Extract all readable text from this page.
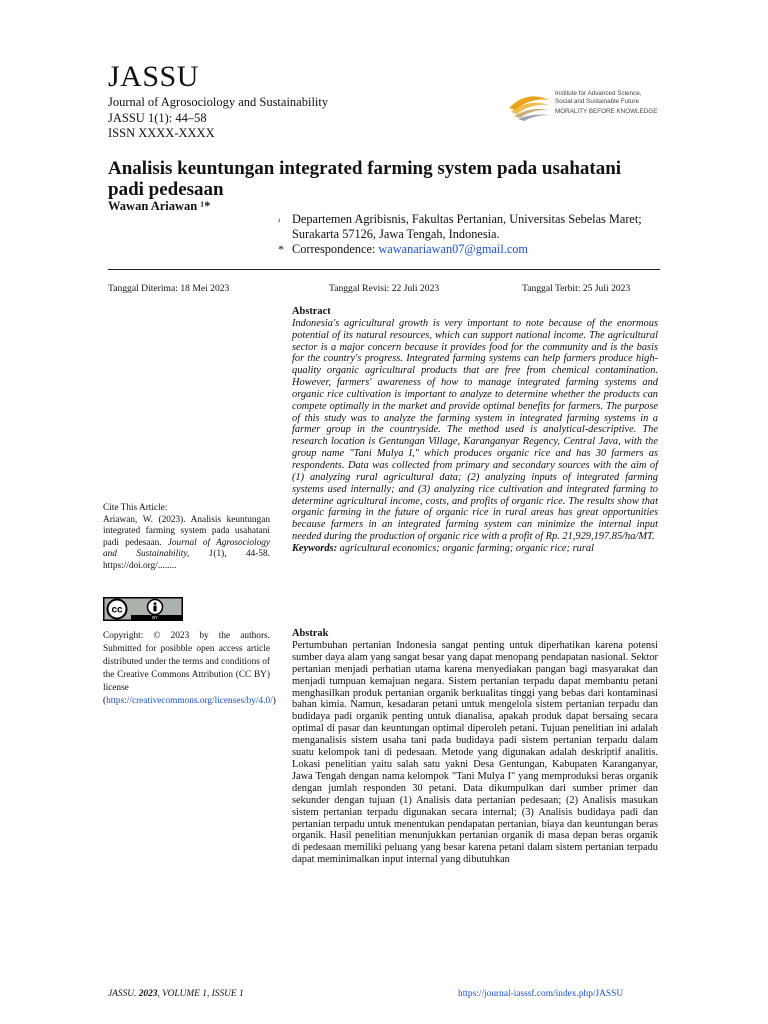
JASSU
Journal of Agrosociology and Sustainability
JASSU 1(1): 44–58
ISSN XXXX-XXXX
Institute for Advanced Science,
Social and Sustainable Future
MORALITY BEFORE KNOWLEDGE
Analisis keuntungan integrated farming system pada usahatani padi pedesaan
Wawan Ariawan ¹*
¹ Departemen Agribisnis, Fakultas Pertanian, Universitas Sebelas Maret; Surakarta 57126, Jawa Tengah, Indonesia.
* Correspondence: wawanariawan07@gmail.com
Tanggal Diterima: 18 Mei 2023	Tanggal Revisi: 22 Juli 2023	Tanggal Terbit: 25 Juli 2023
Abstract
Indonesia's agricultural growth is very important to note because of the enormous potential of its natural resources, which can support national income. The agricultural sector is a major concern because it provides food for the community and is the basis for the country's progress. Integrated farming systems can help farmers produce high-quality organic agricultural products that are free from chemical contamination. However, farmers' awareness of how to manage integrated farming systems and organic rice cultivation is important to analyze to determine whether the products can compete optimally in the market and provide optimal benefits for farmers. The purpose of this study was to analyze the farming system in integrated farming systems in a farmer group in the countryside. The method used is analytical-descriptive. The research location is Gentungan Village, Karanganyar Regency, Central Java, with the group name "Tani Mulya I," which produces organic rice and has 30 farmers as respondents. Data was collected from primary and secondary sources with the aim of (1) analyzing rural agricultural data; (2) analyzing inputs of integrated farming systems used internally; and (3) analyzing rice cultivation and integrated farming to determine agricultural income, costs, and profits of organic rice. The results show that organic farming in the future of organic rice in rural areas has great opportunities because farmers in an integrated farming system can minimize the internal input needed during the production of organic rice with a profit of Rp. 21,929,197.85/ha/MT.
Keywords: agricultural economics; organic farming; organic rice; rural
Cite This Article:
Ariawan, W. (2023). Analisis keuntungan integrated farming system pada usahatani padi pedesaan. Journal of Agrosociology and Sustainability, 1(1), 44-58. https://doi.org/........
cc
BY
Copyright: © 2023 by the authors. Submitted for posibble open access article distributed under the terms and conditions of the Creative Commons Attribution (CC BY) license (https://creativecommons.org/licenses/by/4.0/)
Abstrak
Pertumbuhan pertanian Indonesia sangat penting untuk diperhatikan karena potensi sumber daya alam yang sangat besar yang dapat menopang pendapatan nasional. Sektor pertanian menjadi perhatian utama karena menyediakan pangan bagi masyarakat dan menjadi tumpuan kemajuan negara. Sistem pertanian terpadu dapat membantu petani menghasilkan produk pertanian organik berkualitas tinggi yang bebas dari kontaminasi bahan kimia. Namun, kesadaran petani untuk mengelola sistem pertanian terpadu dan budidaya padi organik penting untuk dianalisa, apakah produk dapat bersaing secara optimal di pasar dan keuntungan optimal diperoleh petani. Tujuan penelitian ini adalah menganalisis sistem usaha tani pada budidaya padi sistem pertanian terpadu dalam suatu kelompok tani di pedesaan. Metode yang digunakan adalah deskriptif analitis. Lokasi penelitian yaitu salah satu yakni Desa Gentungan, Kabupaten Karanganyar, Jawa Tengah dengan nama kelompok "Tani Mulya I" yang memproduksi beras organik dengan jumlah responden 30 petani. Data dikumpulkan dari sumber primer dan sekunder dengan tujuan (1) Analisis data pertanian pedesaan; (2) Analisis masukan sistem pertanian terpadu digunakan secara internal; (3) Analisis budidaya padi dan pertanian terpadu untuk menentukan pendapatan pertanian, biaya dan keuntungan beras organik. Hasil penelitian menunjukkan pertanian organik di masa depan beras organik di pedesaan memiliki peluang yang besar karena petani dalam sistem pertanian terpadu dapat meminimalkan input internal yang dibutuhkan
JASSU. 2023, VOLUME 1, ISSUE 1	https://journal-iasssf.com/index.php/JASSU
